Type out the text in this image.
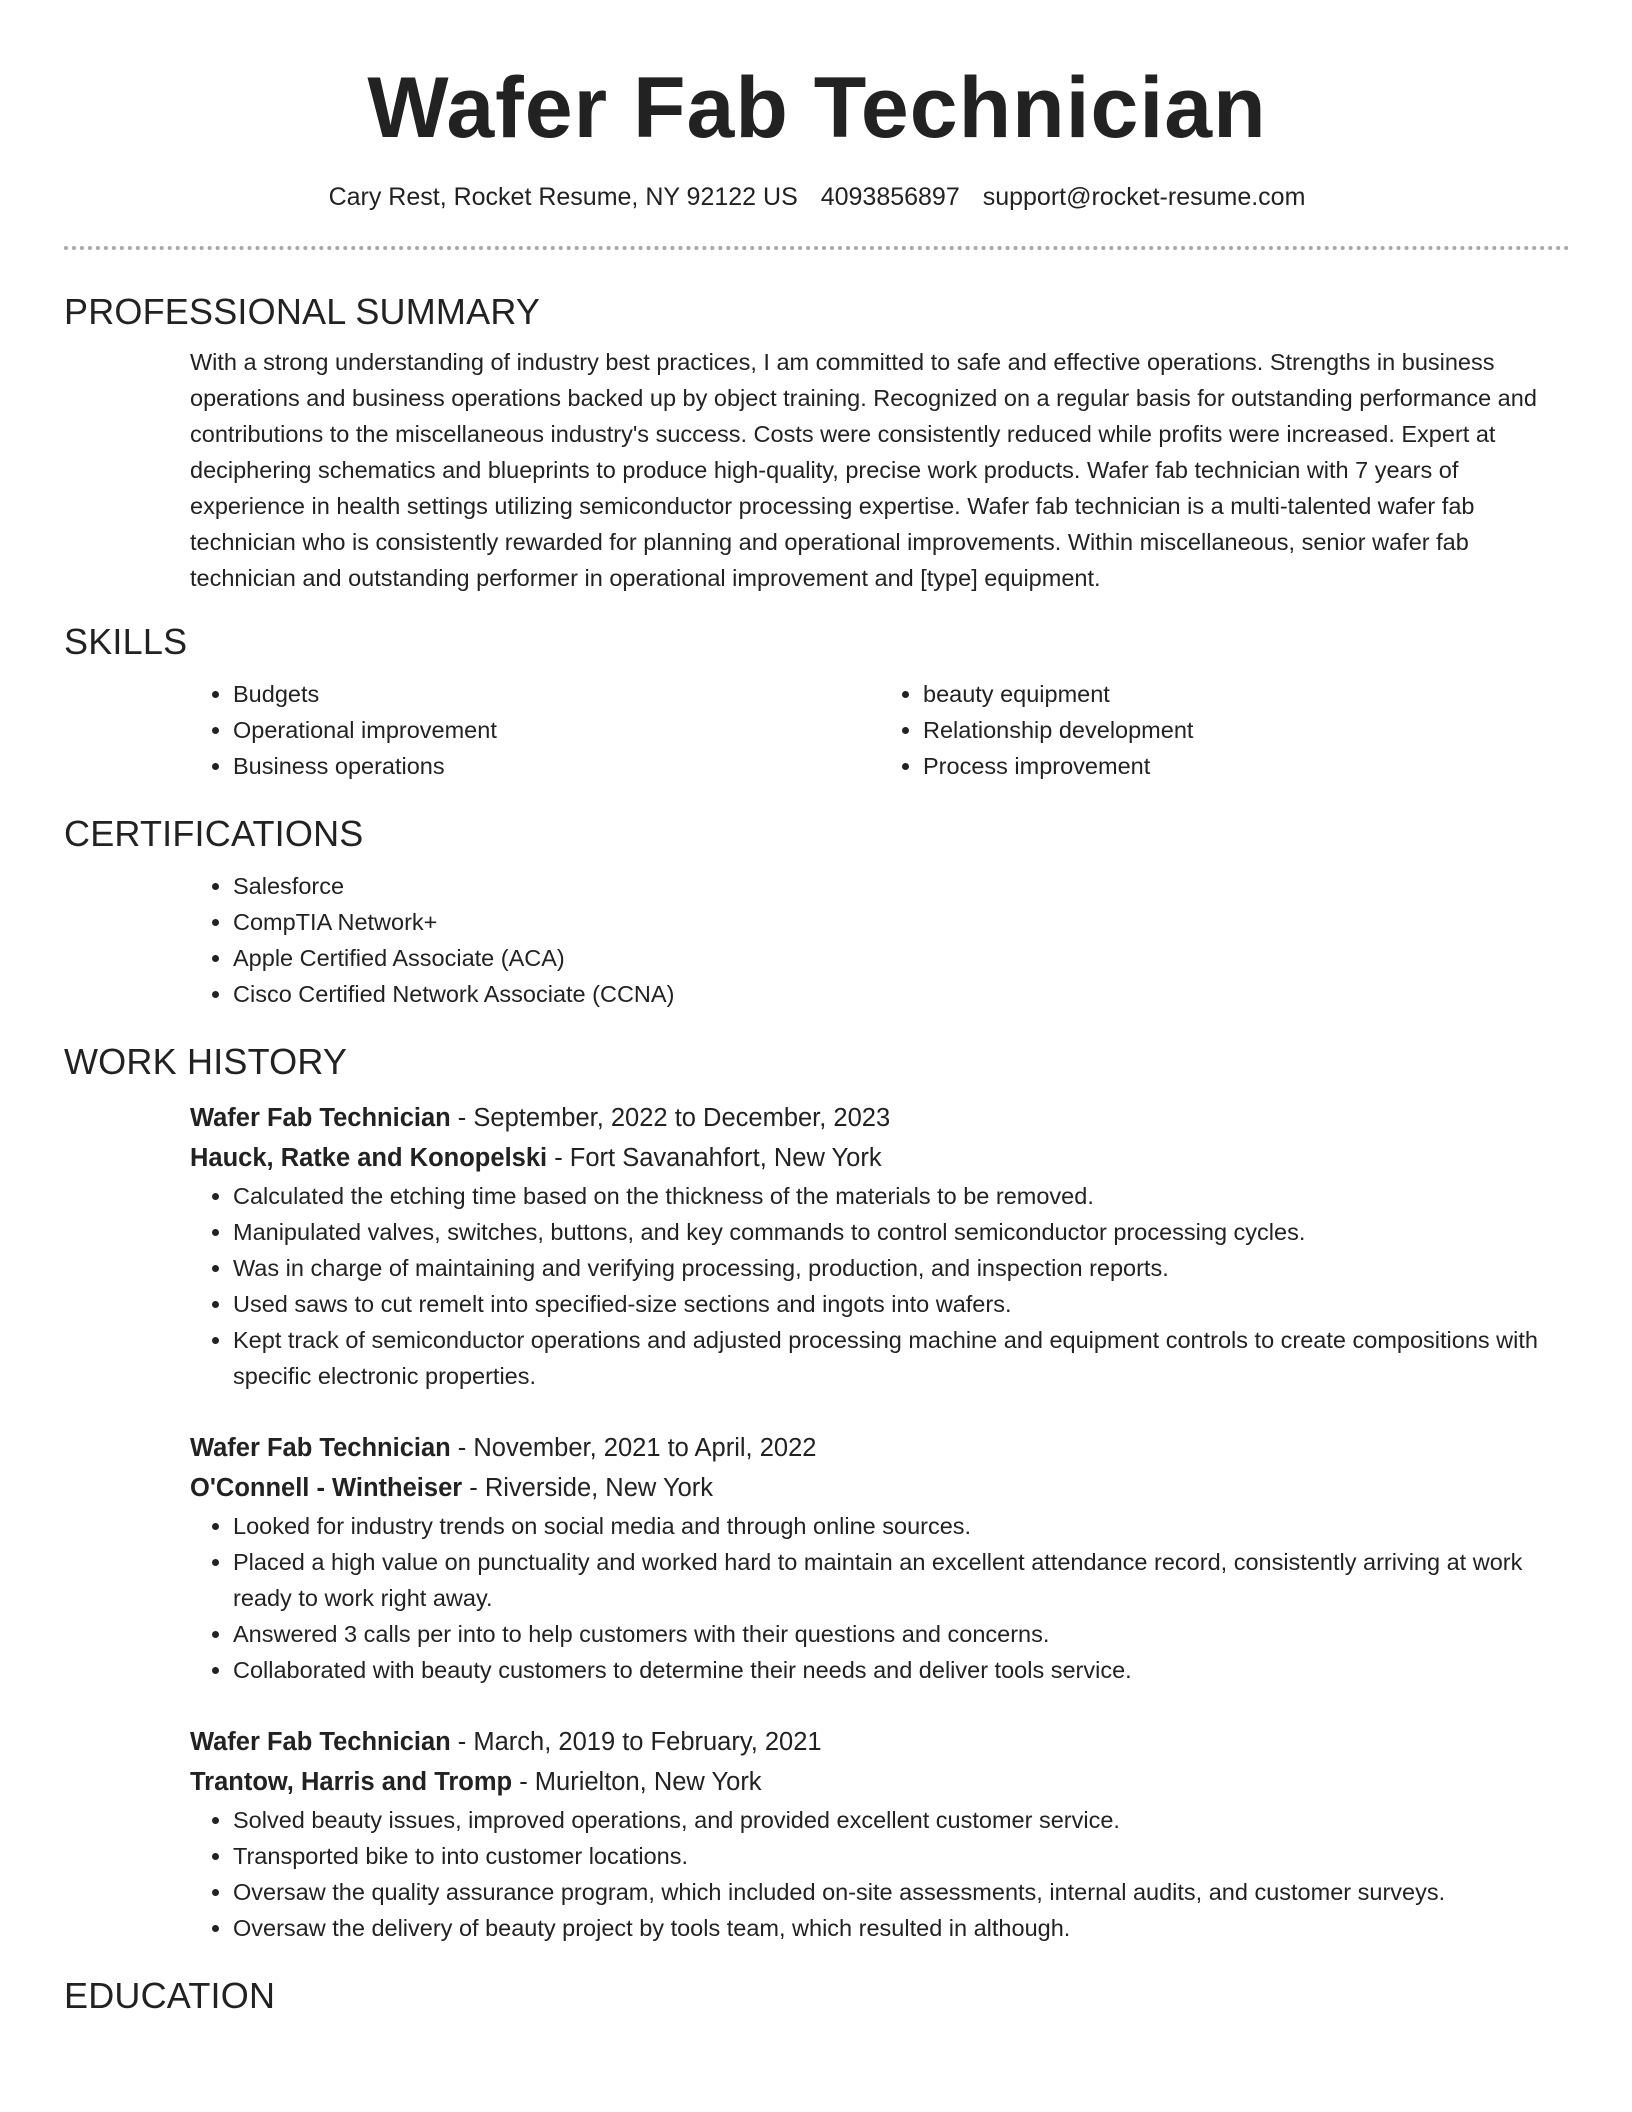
Wafer Fab Technician
Cary Rest, Rocket Resume, NY 92122 US 4093856897 support@rocket-resume.com
PROFESSIONAL SUMMARY
With a strong understanding of industry best practices, I am committed to safe and effective operations. Strengths in business operations and business operations backed up by object training. Recognized on a regular basis for outstanding performance and contributions to the miscellaneous industry's success. Costs were consistently reduced while profits were increased. Expert at deciphering schematics and blueprints to produce high-quality, precise work products. Wafer fab technician with 7 years of experience in health settings utilizing semiconductor processing expertise. Wafer fab technician is a multi-talented wafer fab technician who is consistently rewarded for planning and operational improvements. Within miscellaneous, senior wafer fab technician and outstanding performer in operational improvement and [type] equipment.
SKILLS
• Budgets
• Operational improvement
• Business operations
• beauty equipment
• Relationship development
• Process improvement
CERTIFICATIONS
• Salesforce
• CompTIA Network+
• Apple Certified Associate (ACA)
• Cisco Certified Network Associate (CCNA)
WORK HISTORY
Wafer Fab Technician - September, 2022 to December, 2023
Hauck, Ratke and Konopelski - Fort Savanahfort, New York
• Calculated the etching time based on the thickness of the materials to be removed.
• Manipulated valves, switches, buttons, and key commands to control semiconductor processing cycles.
• Was in charge of maintaining and verifying processing, production, and inspection reports.
• Used saws to cut remelt into specified-size sections and ingots into wafers.
• Kept track of semiconductor operations and adjusted processing machine and equipment controls to create compositions with specific electronic properties.
Wafer Fab Technician - November, 2021 to April, 2022
O'Connell - Wintheiser - Riverside, New York
• Looked for industry trends on social media and through online sources.
• Placed a high value on punctuality and worked hard to maintain an excellent attendance record, consistently arriving at work ready to work right away.
• Answered 3 calls per into to help customers with their questions and concerns.
• Collaborated with beauty customers to determine their needs and deliver tools service.
Wafer Fab Technician - March, 2019 to February, 2021
Trantow, Harris and Tromp - Murielton, New York
• Solved beauty issues, improved operations, and provided excellent customer service.
• Transported bike to into customer locations.
• Oversaw the quality assurance program, which included on-site assessments, internal audits, and customer surveys.
• Oversaw the delivery of beauty project by tools team, which resulted in although.
EDUCATION
